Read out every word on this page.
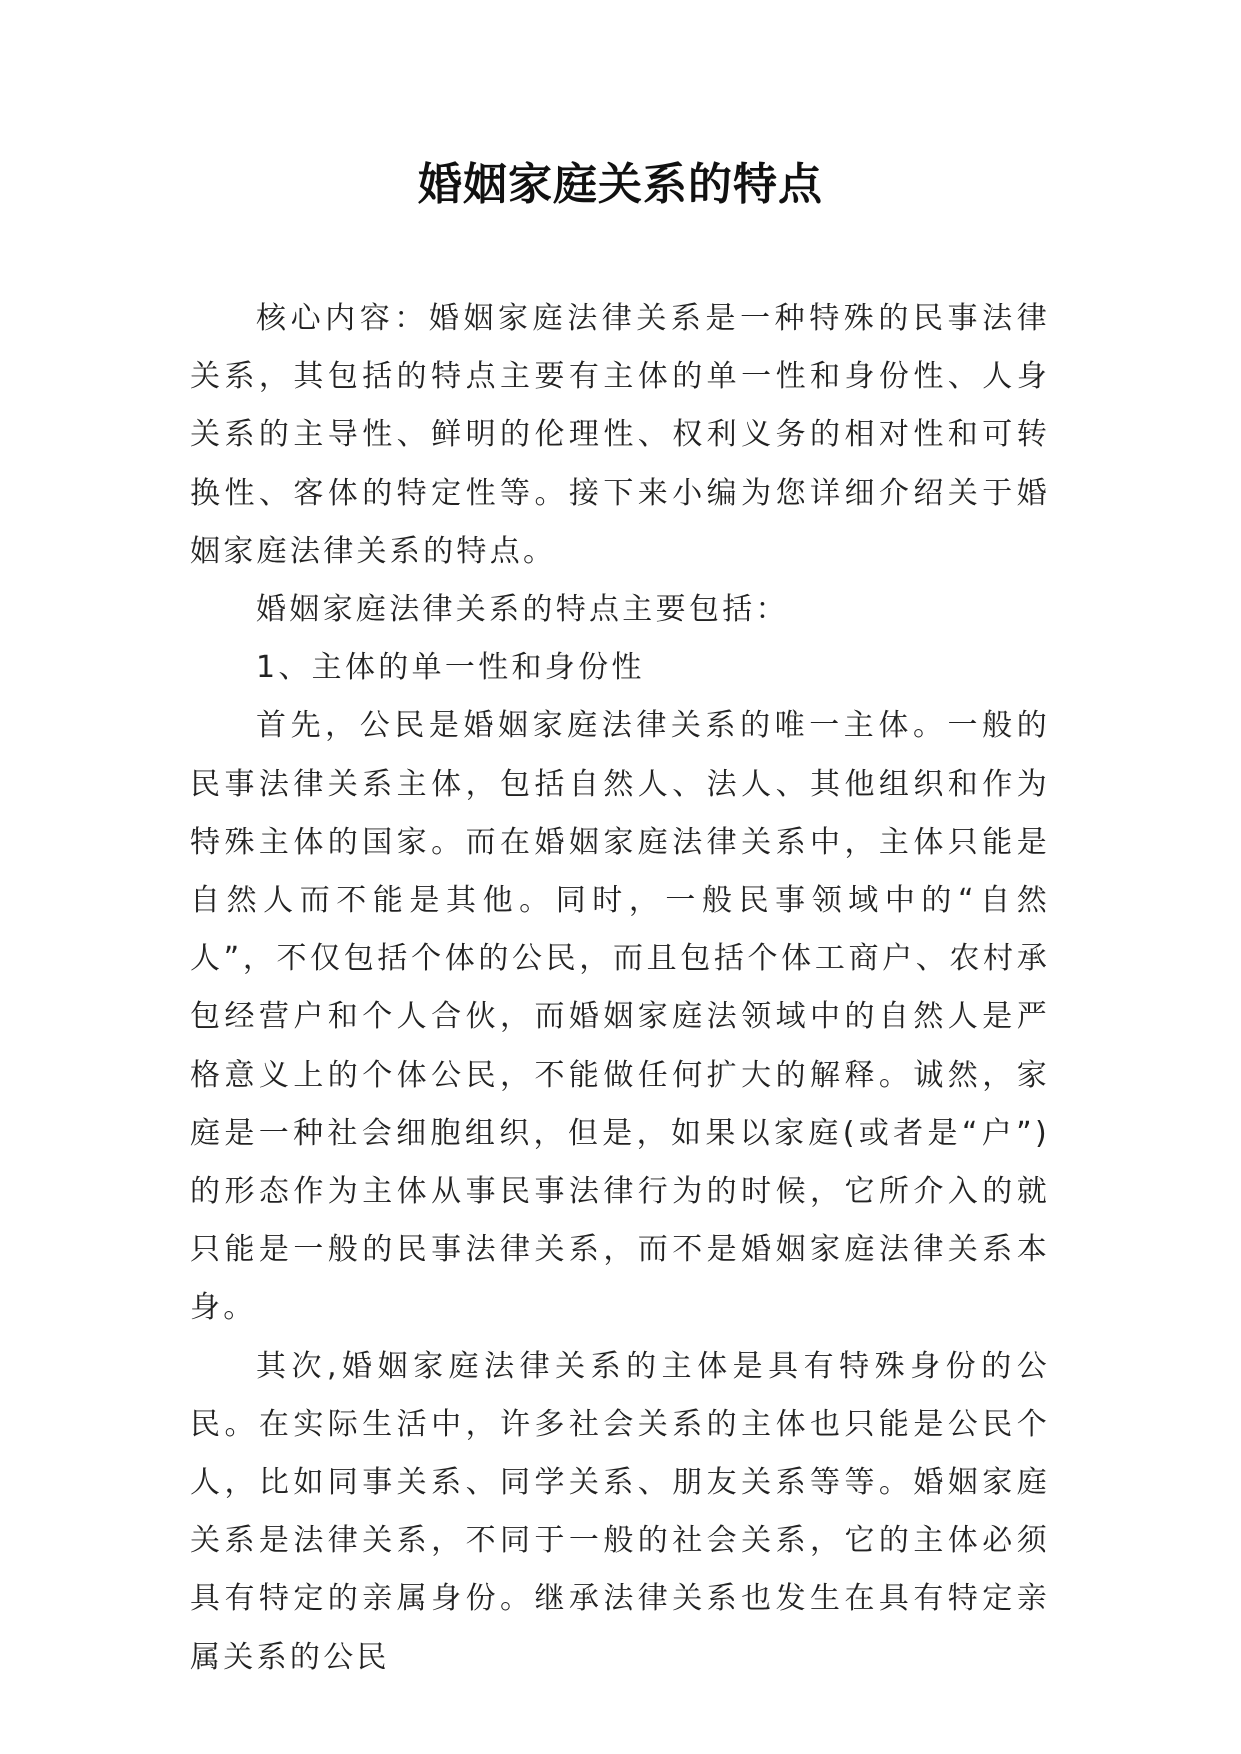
婚姻家庭关系的特点

核心内容：婚姻家庭法律关系是一种特殊的民事法律关系，其包括的特点主要有主体的单一性和身份性、人身关系的主导性、鲜明的伦理性、权利义务的相对性和可转换性、客体的特定性等。接下来小编为您详细介绍关于婚姻家庭法律关系的特点。

婚姻家庭法律关系的特点主要包括：

1、主体的单一性和身份性

首先，公民是婚姻家庭法律关系的唯一主体。一般的民事法律关系主体，包括自然人、法人、其他组织和作为特殊主体的国家。而在婚姻家庭法律关系中，主体只能是自然人而不能是其他。同时，一般民事领域中的“自然人”，不仅包括个体的公民，而且包括个体工商户、农村承包经营户和个人合伙，而婚姻家庭法领域中的自然人是严格意义上的个体公民，不能做任何扩大的解释。诚然，家庭是一种社会细胞组织，但是，如果以家庭(或者是“户”)的形态作为主体从事民事法律行为的时候，它所介入的就只能是一般的民事法律关系，而不是婚姻家庭法律关系本身。

其次,婚姻家庭法律关系的主体是具有特殊身份的公民。在实际生活中，许多社会关系的主体也只能是公民个人，比如同事关系、同学关系、朋友关系等等。婚姻家庭关系是法律关系，不同于一般的社会关系，它的主体必须具有特定的亲属身份。继承法律关系也发生在具有特定亲属关系的公民
